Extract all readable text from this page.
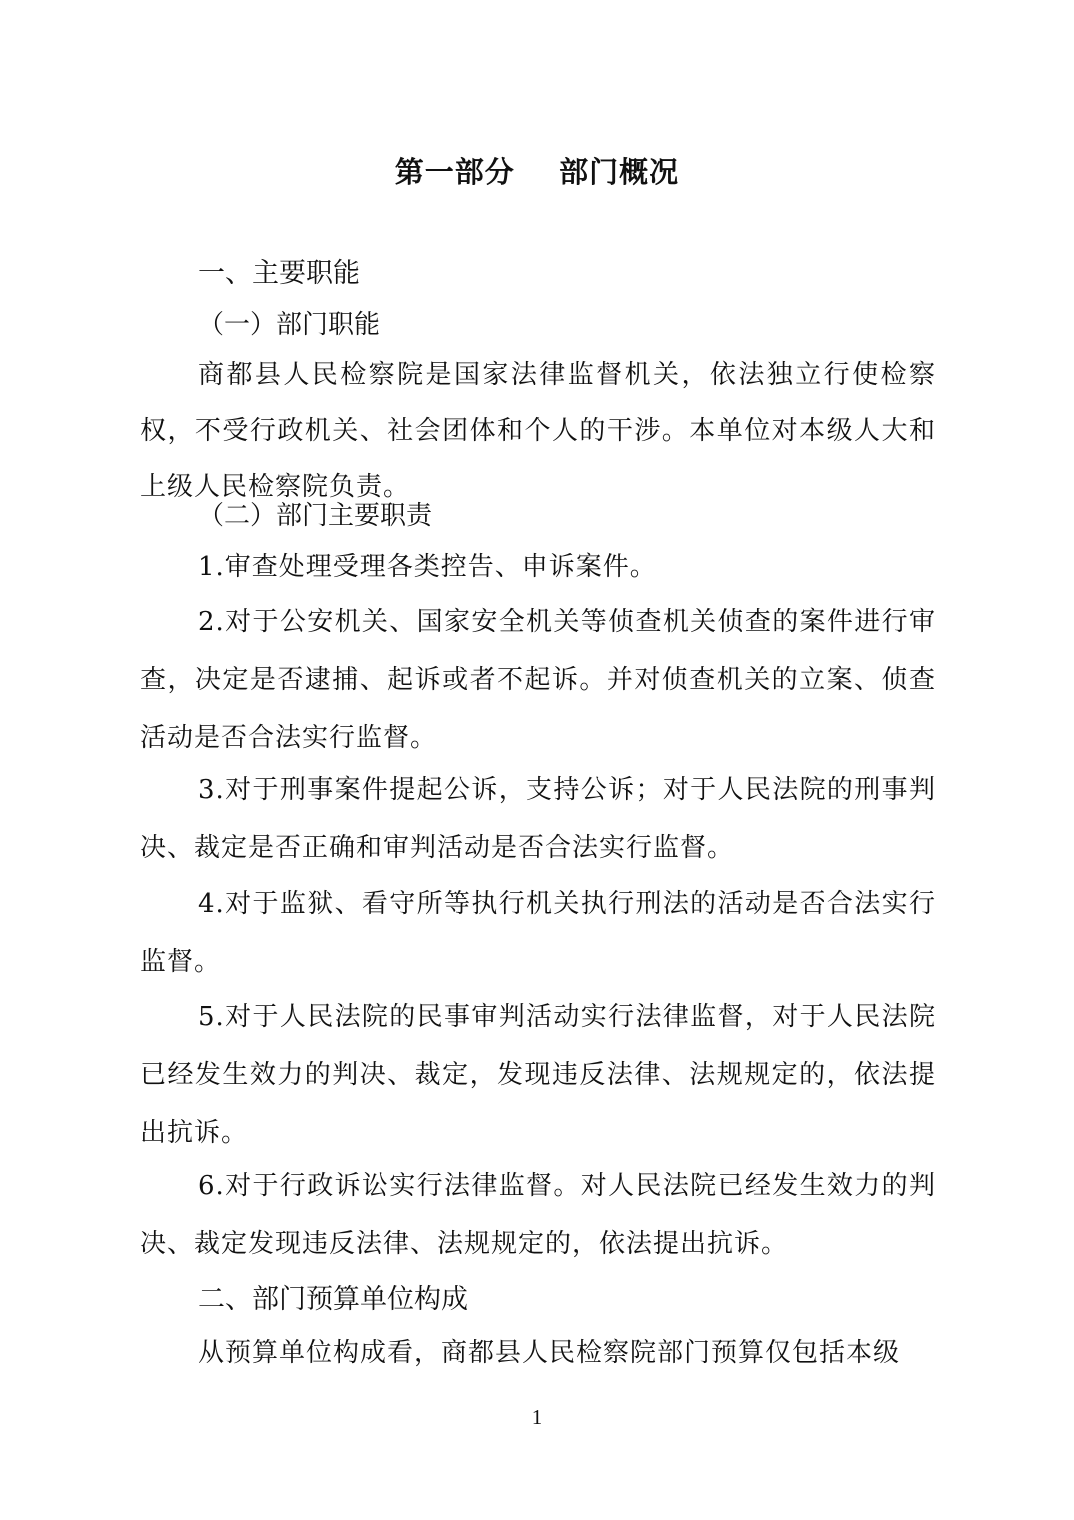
第一部分    部门概况
一、主要职能
（一）部门职能

商都县人民检察院是国家法律监督机关，依法独立行使检察权，不受行政机关、社会团体和个人的干涉。本单位对本级人大和上级人民检察院负责。

（二）部门主要职责

1.审查处理受理各类控告、申诉案件。

2.对于公安机关、国家安全机关等侦查机关侦查的案件进行审查，决定是否逮捕、起诉或者不起诉。并对侦查机关的立案、侦查活动是否合法实行监督。

3.对于刑事案件提起公诉，支持公诉；对于人民法院的刑事判决、裁定是否正确和审判活动是否合法实行监督。

4.对于监狱、看守所等执行机关执行刑法的活动是否合法实行监督。

5.对于人民法院的民事审判活动实行法律监督，对于人民法院已经发生效力的判决、裁定，发现违反法律、法规规定的，依法提出抗诉。

6.对于行政诉讼实行法律监督。对人民法院已经发生效力的判决、裁定发现违反法律、法规规定的，依法提出抗诉。

二、部门预算单位构成

从预算单位构成看，商都县人民检察院部门预算仅包括本级

1
